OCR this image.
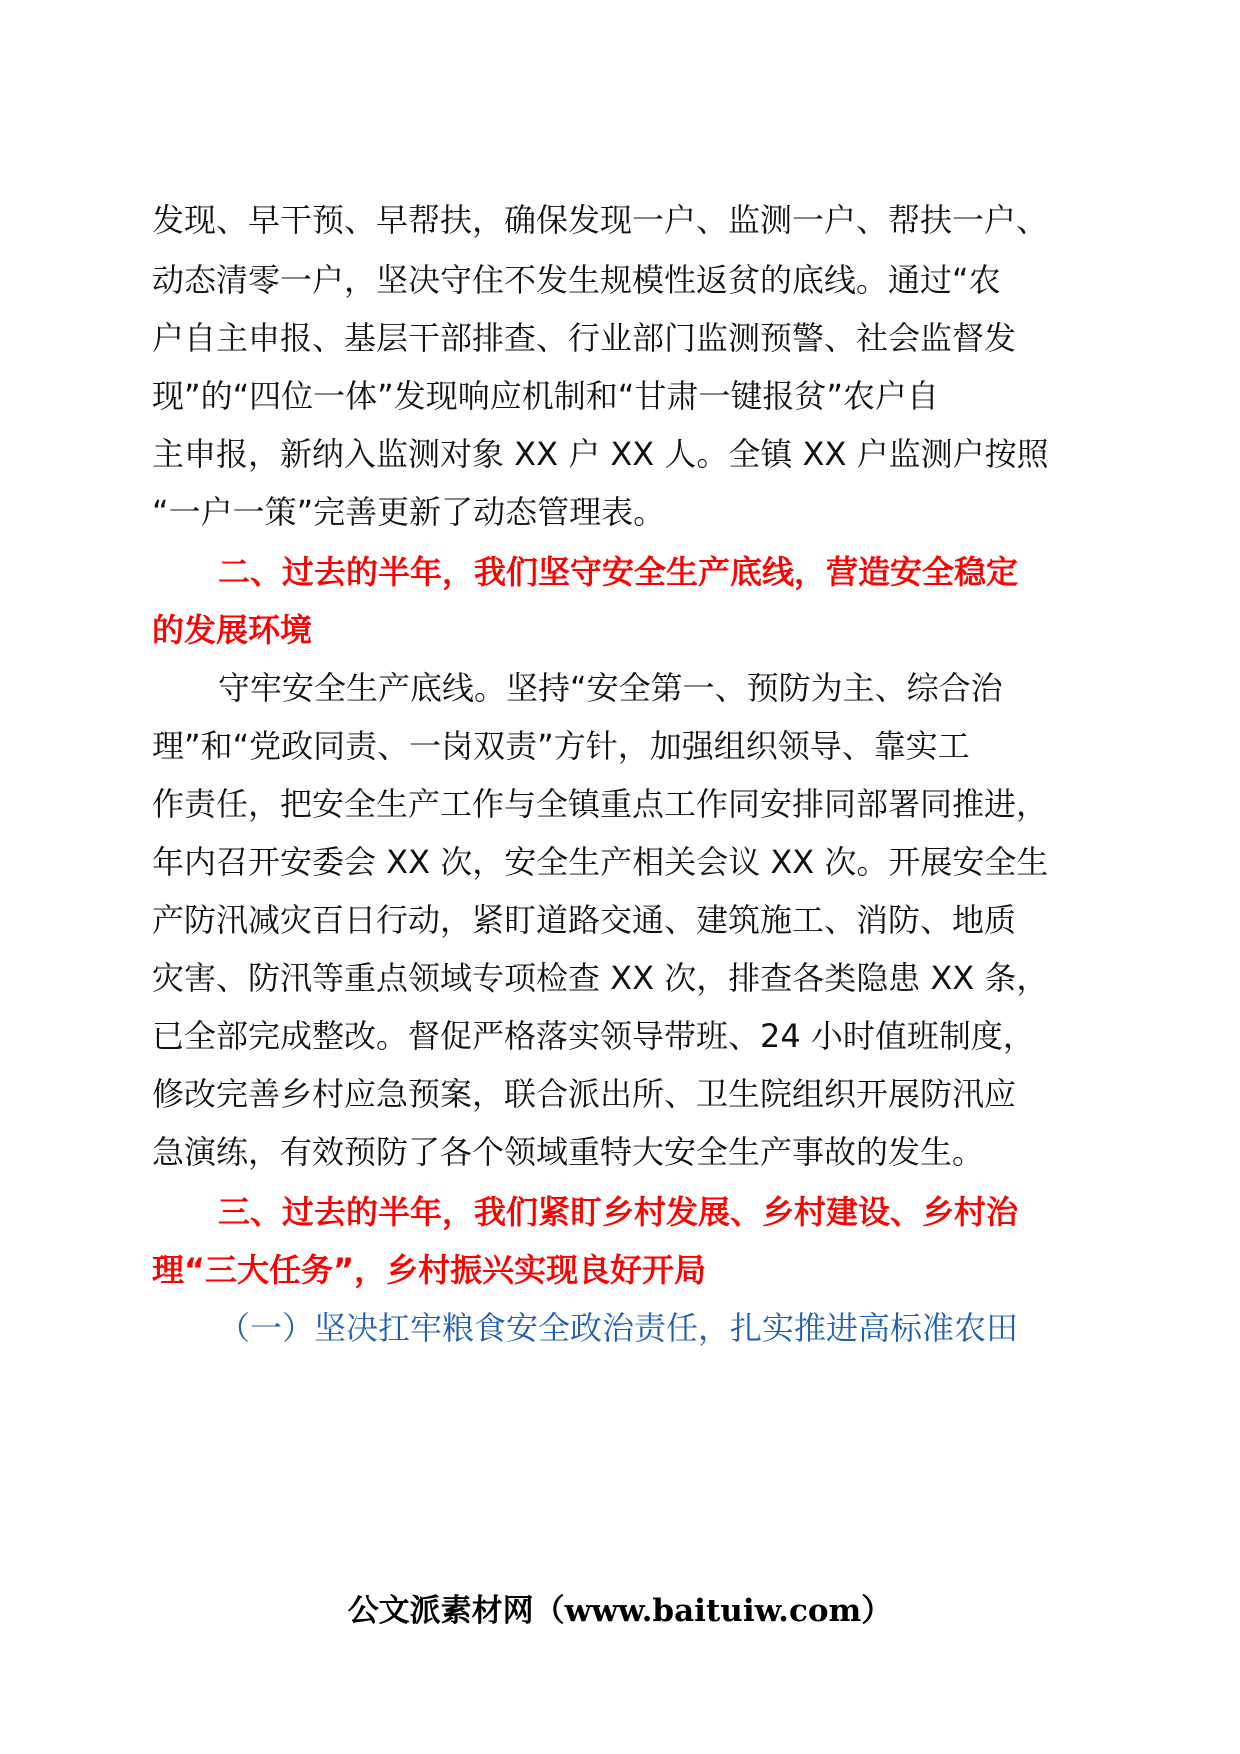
发现、早干预、早帮扶，确保发现一户、监测一户、帮扶一户、
动态清零一户，坚决守住不发生规模性返贫的底线。通过“农
户自主申报、基层干部排查、行业部门监测预警、社会监督发
现”的“四位一体”发现响应机制和“甘肃一键报贫”农户自
主申报，新纳入监测对象 XX 户 XX 人。全镇 XX 户监测户按照
“一户一策”完善更新了动态管理表。
二、过去的半年，我们坚守安全生产底线，营造安全稳定
的发展环境
守牢安全生产底线。坚持“安全第一、预防为主、综合治
理”和“党政同责、一岗双责”方针，加强组织领导、靠实工
作责任，把安全生产工作与全镇重点工作同安排同部署同推进，
年内召开安委会 XX 次，安全生产相关会议 XX 次。开展安全生
产防汛减灾百日行动，紧盯道路交通、建筑施工、消防、地质
灾害、防汛等重点领域专项检查 XX 次，排查各类隐患 XX 条，
已全部完成整改。督促严格落实领导带班、24 小时值班制度，
修改完善乡村应急预案，联合派出所、卫生院组织开展防汛应
急演练，有效预防了各个领域重特大安全生产事故的发生。
三、过去的半年，我们紧盯乡村发展、乡村建设、乡村治
理“三大任务”，乡村振兴实现良好开局
（一）坚决扛牢粮食安全政治责任，扎实推进高标准农田
公文派素材网（www.baituiw.com）
